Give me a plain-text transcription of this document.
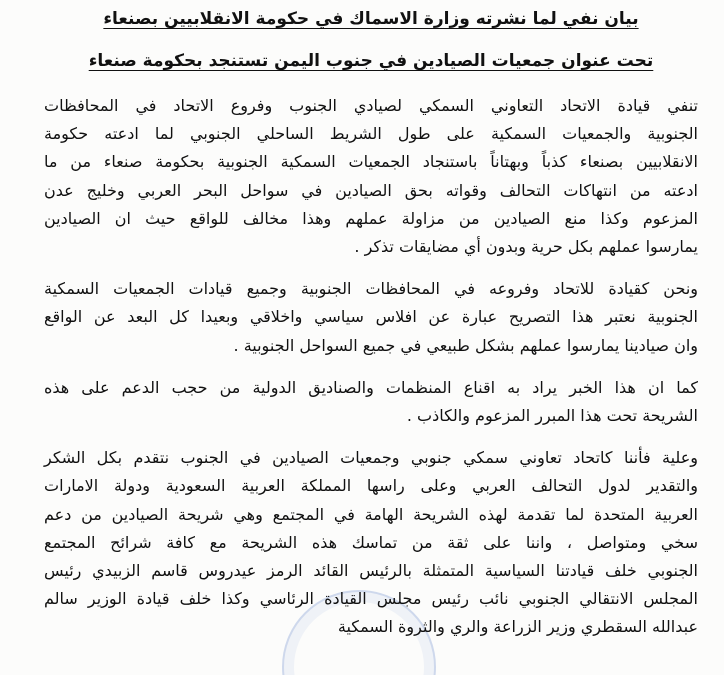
بيان نفي لما نشرته وزارة الاسماك في حكومة الانقلابيين بصنعاء
تحت عنوان جمعيات الصيادين في جنوب اليمن تستنجد بحكومة صنعاء

تنفي قيادة الاتحاد التعاوني السمكي لصيادي الجنوب وفروع الاتحاد في المحافظات
الجنوبية والجمعيات السمكية على طول الشريط الساحلي الجنوبي لما ادعته حكومة
الانقلابيين بصنعاء كذباً وبهتاناً باستنجاد الجمعيات السمكية الجنوبية بحكومة صنعاء من ما
ادعته من انتهاكات التحالف وقواته بحق الصيادين في سواحل البحر العربي وخليج عدن
المزعوم وكذا منع الصيادين من مزاولة عملهم وهذا مخالف للواقع حيث ان الصيادين
يمارسوا عملهم بكل حرية وبدون أي مضايقات تذكر .

ونحن كقيادة للاتحاد وفروعه في المحافظات الجنوبية وجميع قيادات الجمعيات السمكية
الجنوبية نعتبر هذا التصريح عبارة عن افلاس سياسي واخلاقي وبعيدا كل البعد عن الواقع
وان صيادينا يمارسوا عملهم بشكل طبيعي في جميع السواحل الجنوبية .

كما ان هذا الخبر يراد به اقناع المنظمات والصناديق الدولية من حجب الدعم على هذه
الشريحة تحت هذا المبرر المزعوم والكاذب .

وعلية فأننا كاتحاد تعاوني سمكي جنوبي وجمعيات الصيادين في الجنوب نتقدم بكل الشكر
والتقدير لدول التحالف العربي وعلى راسها المملكة العربية السعودية ودولة الامارات
العربية المتحدة لما تقدمة لهذه الشريحة الهامة في المجتمع وهي شريحة الصيادين من دعم
سخي ومتواصل ، واننا على ثقة من تماسك هذه الشريحة مع كافة شرائح المجتمع
الجنوبي خلف قيادتنا السياسية المتمثلة بالرئيس القائد الرمز عيدروس قاسم الزبيدي رئيس
المجلس الانتقالي الجنوبي نائب رئيس مجلس القيادة الرئاسي وكذا خلف قيادة الوزير سالم
عبدالله السقطري وزير الزراعة والري والثروة السمكية
